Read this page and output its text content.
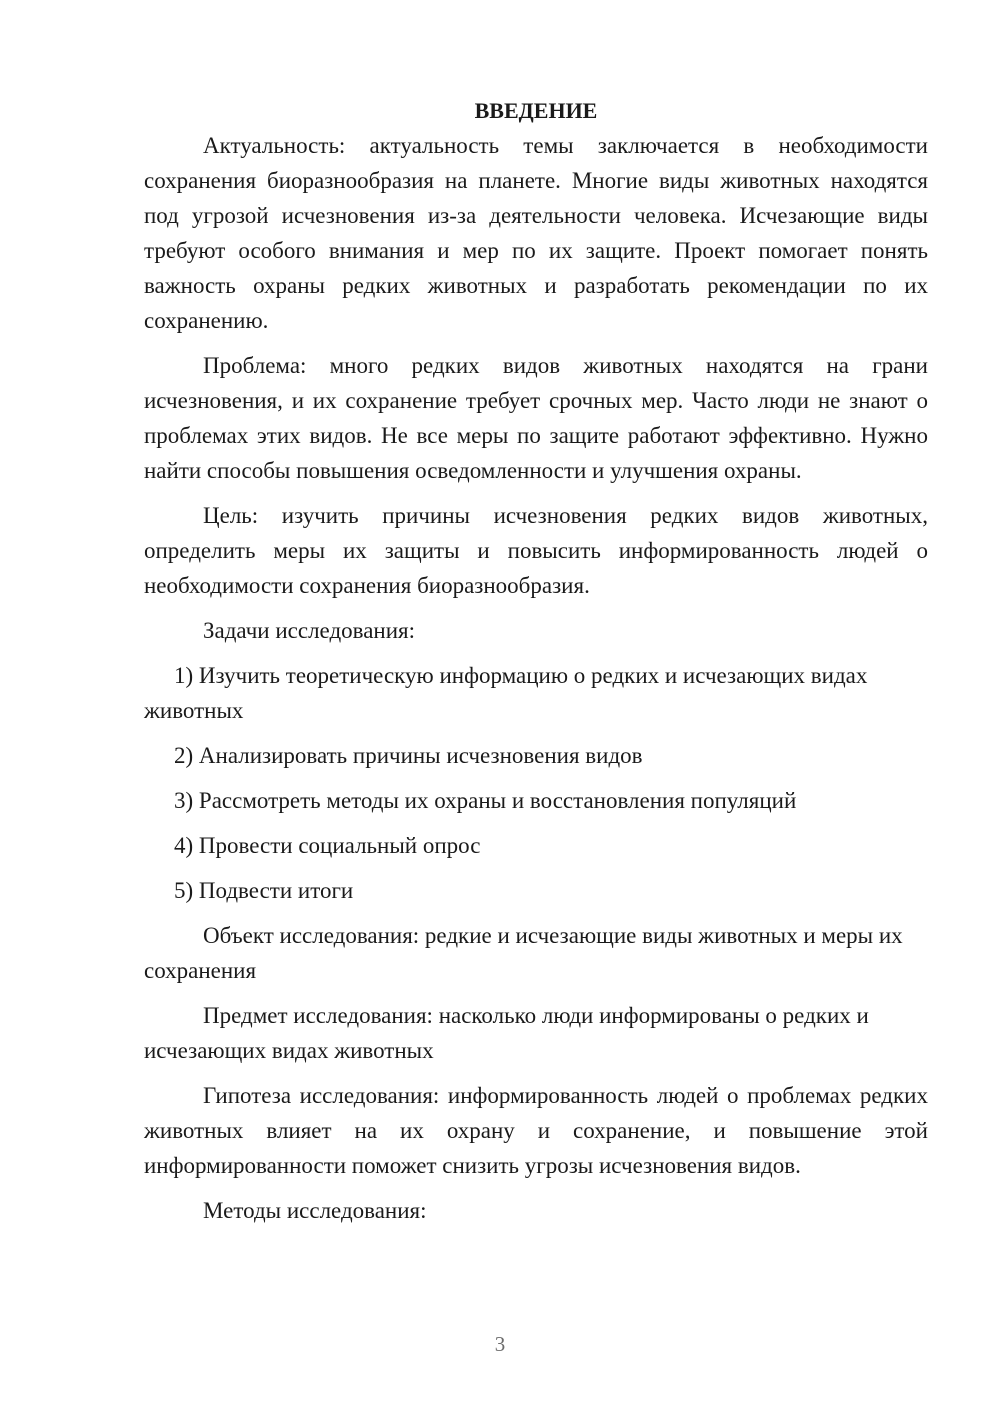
ВВЕДЕНИЕ

Актуальность: актуальность темы заключается в необходимости сохранения биоразнообразия на планете. Многие виды животных находятся под угрозой исчезновения из-за деятельности человека. Исчезающие виды требуют особого внимания и мер по их защите. Проект помогает понять важность охраны редких животных и разработать рекомендации по их сохранению.

Проблема: много редких видов животных находятся на грани исчезновения, и их сохранение требует срочных мер. Часто люди не знают о проблемах этих видов. Не все меры по защите работают эффективно. Нужно найти способы повышения осведомленности и улучшения охраны.

Цель: изучить причины исчезновения редких видов животных, определить меры их защиты и повысить информированность людей о необходимости сохранения биоразнообразия.

Задачи исследования:

1) Изучить теоретическую информацию о редких и исчезающих видах животных

2) Анализировать причины исчезновения видов

3) Рассмотреть методы их охраны и восстановления популяций

4) Провести социальный опрос

5) Подвести итоги

Объект исследования: редкие и исчезающие виды животных и меры их сохранения

Предмет исследования: насколько люди информированы о редких и исчезающих видах животных

Гипотеза исследования: информированность людей о проблемах редких животных влияет на их охрану и сохранение, и повышение этой информированности поможет снизить угрозы исчезновения видов.

Методы исследования:

3
